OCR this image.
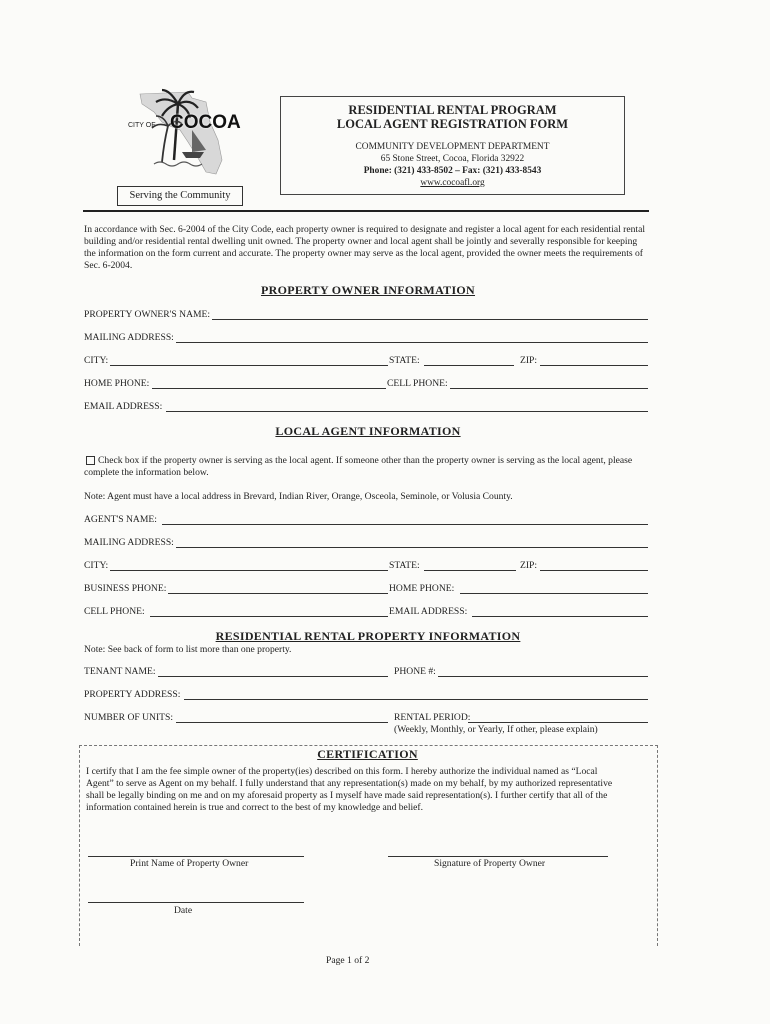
CITY OF COCOA
Serving the Community
RESIDENTIAL RENTAL PROGRAM
LOCAL AGENT REGISTRATION FORM
COMMUNITY DEVELOPMENT DEPARTMENT
65 Stone Street, Cocoa, Florida 32922
Phone: (321) 433-8502 – Fax: (321) 433-8543
www.cocoafl.org
In accordance with Sec. 6-2004 of the City Code, each property owner is required to designate and register a local agent for each residential rental
building and/or residential rental dwelling unit owned. The property owner and local agent shall be jointly and severally responsible for keeping
the information on the form current and accurate. The property owner may serve as the local agent, provided the owner meets the requirements of
Sec. 6-2004.
PROPERTY OWNER INFORMATION
PROPERTY OWNER'S NAME:
MAILING ADDRESS:
CITY:	STATE:	ZIP:
HOME PHONE:	CELL PHONE:
EMAIL ADDRESS:
LOCAL AGENT INFORMATION
Check box if the property owner is serving as the local agent. If someone other than the property owner is serving as the local agent, please
complete the information below.
Note: Agent must have a local address in Brevard, Indian River, Orange, Osceola, Seminole, or Volusia County.
AGENT'S NAME:
MAILING ADDRESS:
CITY:	STATE:	ZIP:
BUSINESS PHONE:	HOME PHONE:
CELL PHONE:	EMAIL ADDRESS:
RESIDENTIAL RENTAL PROPERTY INFORMATION
Note: See back of form to list more than one property.
TENANT NAME:	PHONE #:
PROPERTY ADDRESS:
NUMBER OF UNITS:	RENTAL PERIOD:
(Weekly, Monthly, or Yearly, If other, please explain)
CERTIFICATION
I certify that I am the fee simple owner of the property(ies) described on this form. I hereby authorize the individual named as “Local
Agent” to serve as Agent on my behalf. I fully understand that any representation(s) made on my behalf, by my authorized representative
shall be legally binding on me and on my aforesaid property as I myself have made said representation(s). I further certify that all of the
information contained herein is true and correct to the best of my knowledge and belief.
Print Name of Property Owner	Signature of Property Owner
Date
Page 1 of 2
